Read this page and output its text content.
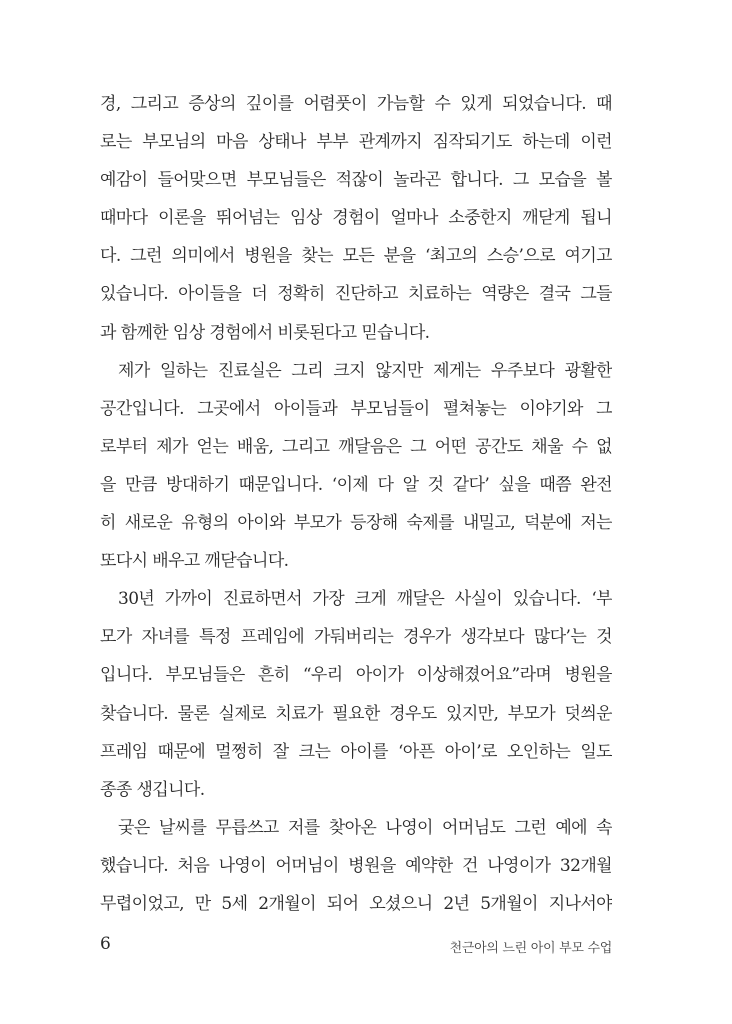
경, 그리고 증상의 깊이를 어렴풋이 가늠할 수 있게 되었습니다. 때
로는 부모님의 마음 상태나 부부 관계까지 짐작되기도 하는데 이런
예감이 들어맞으면 부모님들은 적잖이 놀라곤 합니다. 그 모습을 볼
때마다 이론을 뛰어넘는 임상 경험이 얼마나 소중한지 깨닫게 됩니
다. 그런 의미에서 병원을 찾는 모든 분을 ‘최고의 스승’으로 여기고
있습니다. 아이들을 더 정확히 진단하고 치료하는 역량은 결국 그들
과 함께한 임상 경험에서 비롯된다고 믿습니다.
제가 일하는 진료실은 그리 크지 않지만 제게는 우주보다 광활한
공간입니다. 그곳에서 아이들과 부모님들이 펼쳐놓는 이야기와 그
로부터 제가 얻는 배움, 그리고 깨달음은 그 어떤 공간도 채울 수 없
을 만큼 방대하기 때문입니다. ‘이제 다 알 것 같다’ 싶을 때쯤 완전
히 새로운 유형의 아이와 부모가 등장해 숙제를 내밀고, 덕분에 저는
또다시 배우고 깨닫습니다.
30년 가까이 진료하면서 가장 크게 깨달은 사실이 있습니다. ‘부
모가 자녀를 특정 프레임에 가둬버리는 경우가 생각보다 많다’는 것
입니다. 부모님들은 흔히 “우리 아이가 이상해졌어요”라며 병원을
찾습니다. 물론 실제로 치료가 필요한 경우도 있지만, 부모가 덧씌운
프레임 때문에 멀쩡히 잘 크는 아이를 ‘아픈 아이’로 오인하는 일도
종종 생깁니다.
궂은 날씨를 무릅쓰고 저를 찾아온 나영이 어머님도 그런 예에 속
했습니다. 처음 나영이 어머님이 병원을 예약한 건 나영이가 32개월
무렵이었고, 만 5세 2개월이 되어 오셨으니 2년 5개월이 지나서야
6	천근아의 느린 아이 부모 수업
